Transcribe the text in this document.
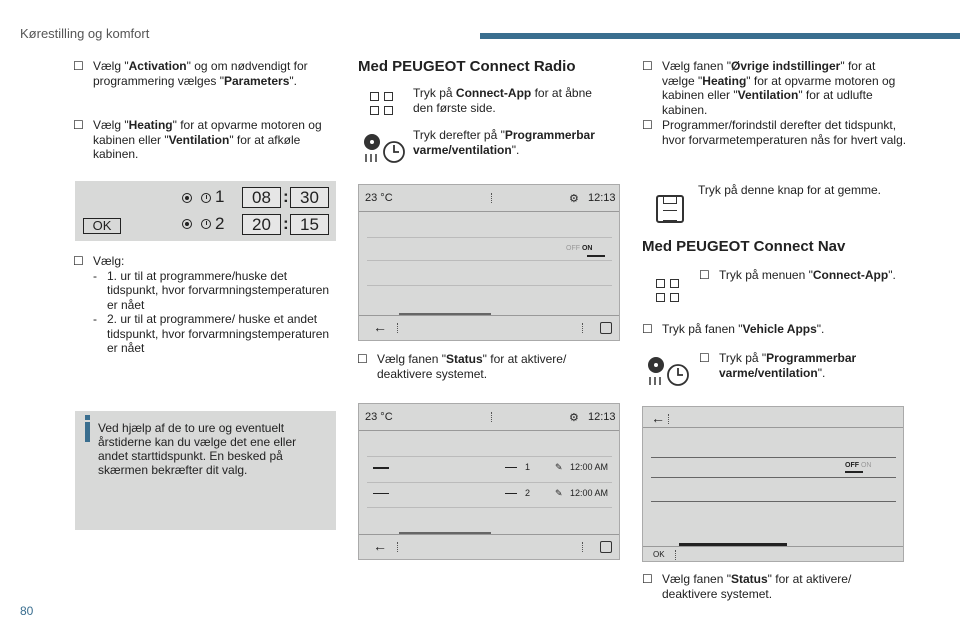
Kørestilling og komfort
80
☐ Vælg "Activation" og om nødvendigt for programmering vælges "Parameters".
☐ Vælg "Heating" for at opvarme motoren og kabinen eller "Ventilation" for at afkøle kabinen.
OK
1	08 : 30
2	20 : 15
☐ Vælg:
- 1. ur til at programmere/huske det tidspunkt, hvor forvarmningstemperaturen er nået
- 2. ur til at programmere/ huske et andet tidspunkt, hvor forvarmningstemperaturen er nået
Ved hjælp af de to ure og eventuelt årstiderne kan du vælge det ene eller andet starttidspunkt. En besked på skærmen bekræfter dit valg.
Med PEUGEOT Connect Radio
Tryk på Connect-App for at åbne den første side.
Tryk derefter på "Programmerbar varme/ventilation".
23 °C	⚙ 12:13
OFF ON
←
☐ Vælg fanen "Status" for at aktivere/ deaktivere systemet.
23 °C	⚙ 12:13
1	✎ 12:00 AM
2	✎ 12:00 AM
←
☐ Vælg fanen "Øvrige indstillinger" for at vælge "Heating" for at opvarme motoren og kabinen eller "Ventilation" for at udlufte kabinen.
☐ Programmer/forindstil derefter det tidspunkt, hvor forvarmetemperaturen nås for hvert valg.
Tryk på denne knap for at gemme.
Med PEUGEOT Connect Nav
☐ Tryk på menuen "Connect-App".
☐ Tryk på fanen "Vehicle Apps".
☐ Tryk på "Programmerbar varme/ventilation".
←
OFF ON
OK
☐ Vælg fanen "Status" for at aktivere/ deaktivere systemet.
